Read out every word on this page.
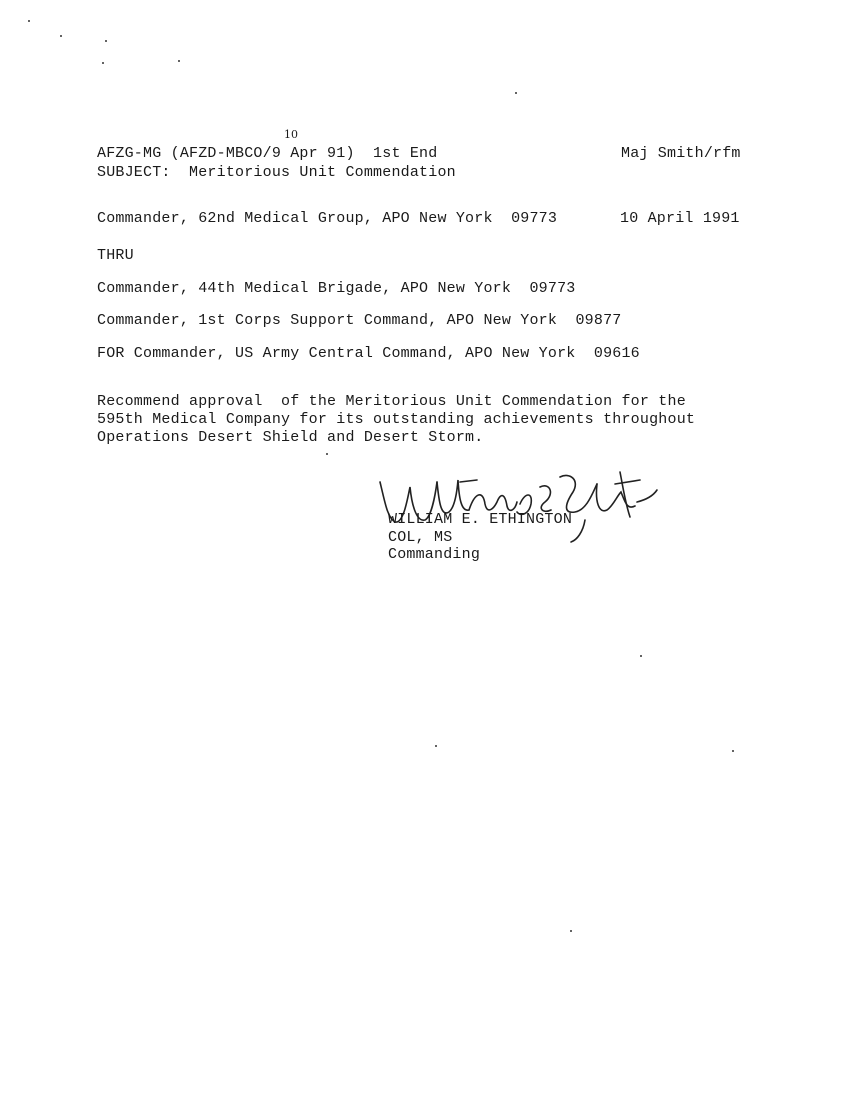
10
AFZG-MG (AFZD-MBCO/9 Apr 91)  1st End	Maj Smith/rfm
SUBJECT:  Meritorious Unit Commendation
Commander, 62nd Medical Group, APO New York  09773	10 April 1991
THRU
Commander, 44th Medical Brigade, APO New York  09773
Commander, 1st Corps Support Command, APO New York  09877
FOR Commander, US Army Central Command, APO New York  09616
Recommend approval  of the Meritorious Unit Commendation for the
595th Medical Company for its outstanding achievements throughout
Operations Desert Shield and Desert Storm.
WILLIAM E. ETHINGTON
COL, MS
Commanding
